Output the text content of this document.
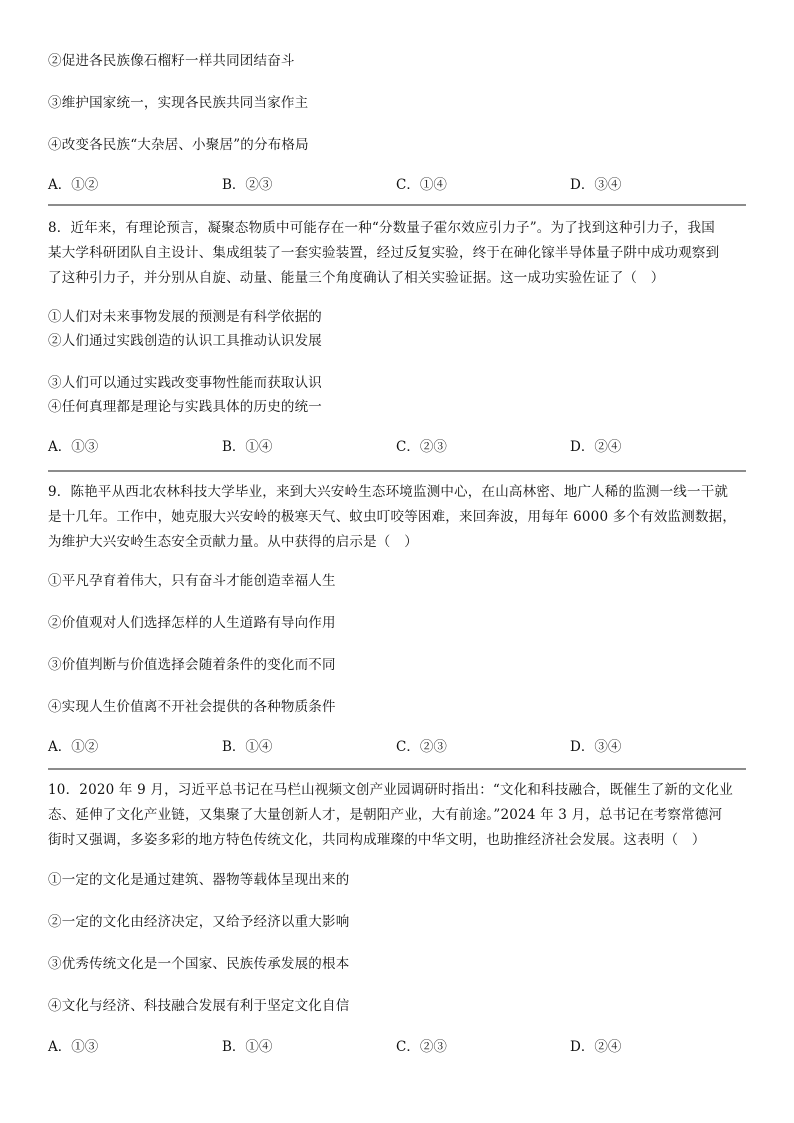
②促进各民族像石榴籽一样共同团结奋斗
③维护国家统一，实现各民族共同当家作主
④改变各民族“大杂居、小聚居”的分布格局
A．①②	B．②③	C．①④	D．③④
8．近年来，有理论预言，凝聚态物质中可能存在一种“分数量子霍尔效应引力子”。为了找到这种引力子，我国
某大学科研团队自主设计、集成组装了一套实验装置，经过反复实验，终于在砷化镓半导体量子阱中成功观察到
了这种引力子，并分别从自旋、动量、能量三个角度确认了相关实验证据。这一成功实验佐证了（　）
①人们对未来事物发展的预测是有科学依据的
②人们通过实践创造的认识工具推动认识发展
③人们可以通过实践改变事物性能而获取认识
④任何真理都是理论与实践具体的历史的统一
A．①③	B．①④	C．②③	D．②④
9．陈艳平从西北农林科技大学毕业，来到大兴安岭生态环境监测中心，在山高林密、地广人稀的监测一线一干就
是十几年。工作中，她克服大兴安岭的极寒天气、蚊虫叮咬等困难，来回奔波，用每年 6000 多个有效监测数据，
为维护大兴安岭生态安全贡献力量。从中获得的启示是（　）
①平凡孕育着伟大，只有奋斗才能创造幸福人生
②价值观对人们选择怎样的人生道路有导向作用
③价值判断与价值选择会随着条件的变化而不同
④实现人生价值离不开社会提供的各种物质条件
A．①②	B．①④	C．②③	D．③④
10．2020 年 9 月，习近平总书记在马栏山视频文创产业园调研时指出：“文化和科技融合，既催生了新的文化业
态、延伸了文化产业链，又集聚了大量创新人才，是朝阳产业，大有前途。”2024 年 3 月，总书记在考察常德河
街时又强调，多姿多彩的地方特色传统文化，共同构成璀璨的中华文明，也助推经济社会发展。这表明（　）
①一定的文化是通过建筑、器物等载体呈现出来的
②一定的文化由经济决定，又给予经济以重大影响
③优秀传统文化是一个国家、民族传承发展的根本
④文化与经济、科技融合发展有利于坚定文化自信
A．①③	B．①④	C．②③	D．②④
